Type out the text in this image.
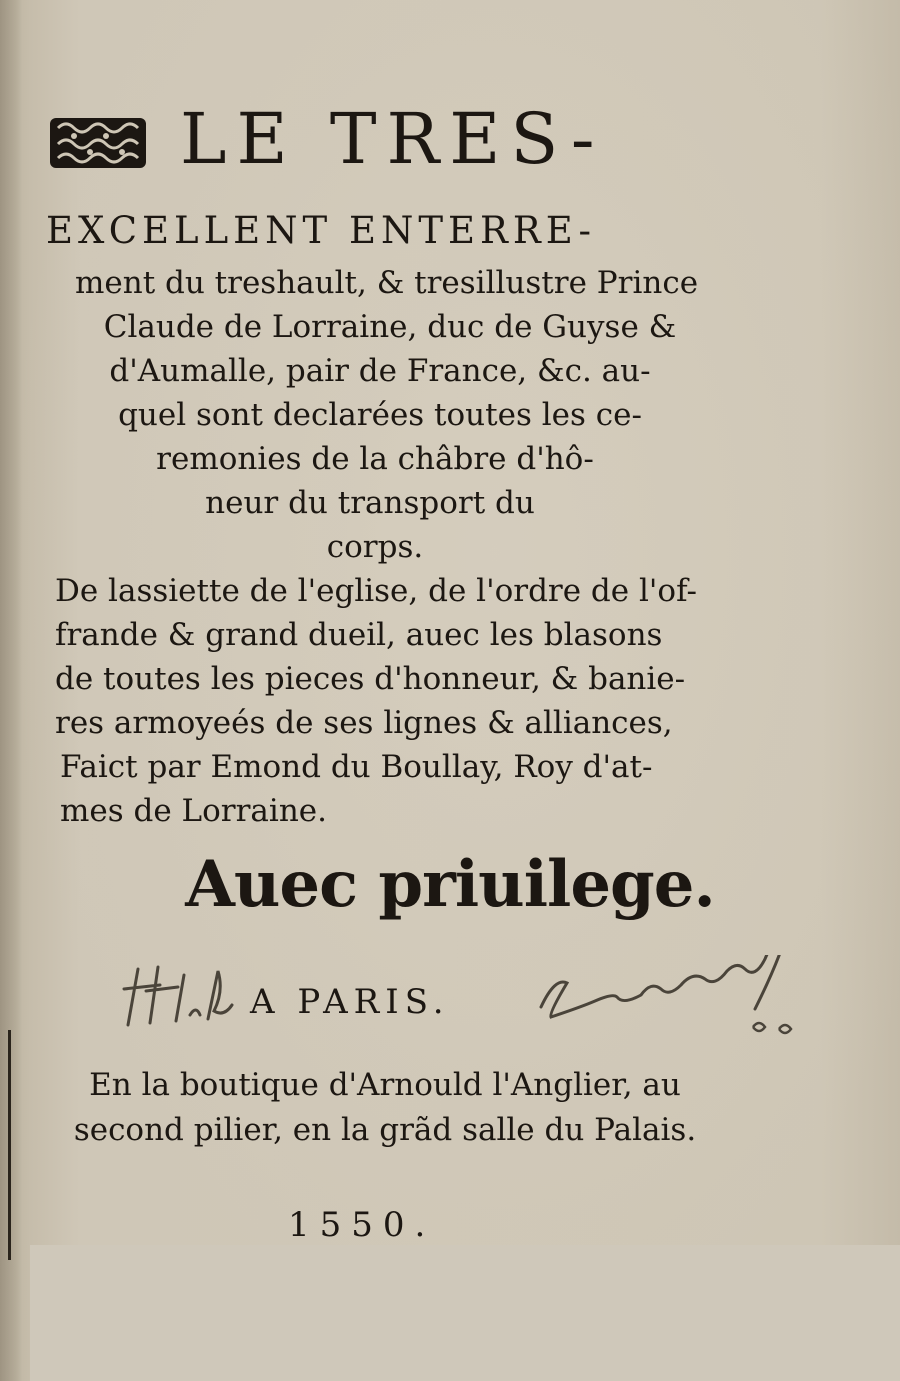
LE TRES-

EXCELLENT ENTERRE-

ment du treshault, & tresillustre Prince

Claude de Lorraine, duc de Guyse &

d'Aumalle, pair de France, &c. au-

quel sont declarées toutes les ce-

remonies de la châbre d'hô-

neur du transport du

corps.

De lassiette de l'eglise, de l'ordre de l'of-

frande & grand dueil, auec les blasons

de toutes les pieces d'honneur, & banie-

res armoyeés de ses lignes & alliances,

Faict par Emond du Boullay, Roy d'at-

mes de Lorraine.

Auec priuilege.

A PARIS.

En la boutique d'Arnould l'Anglier, au

second pilier, en la grãd salle du Palais.

1550.
